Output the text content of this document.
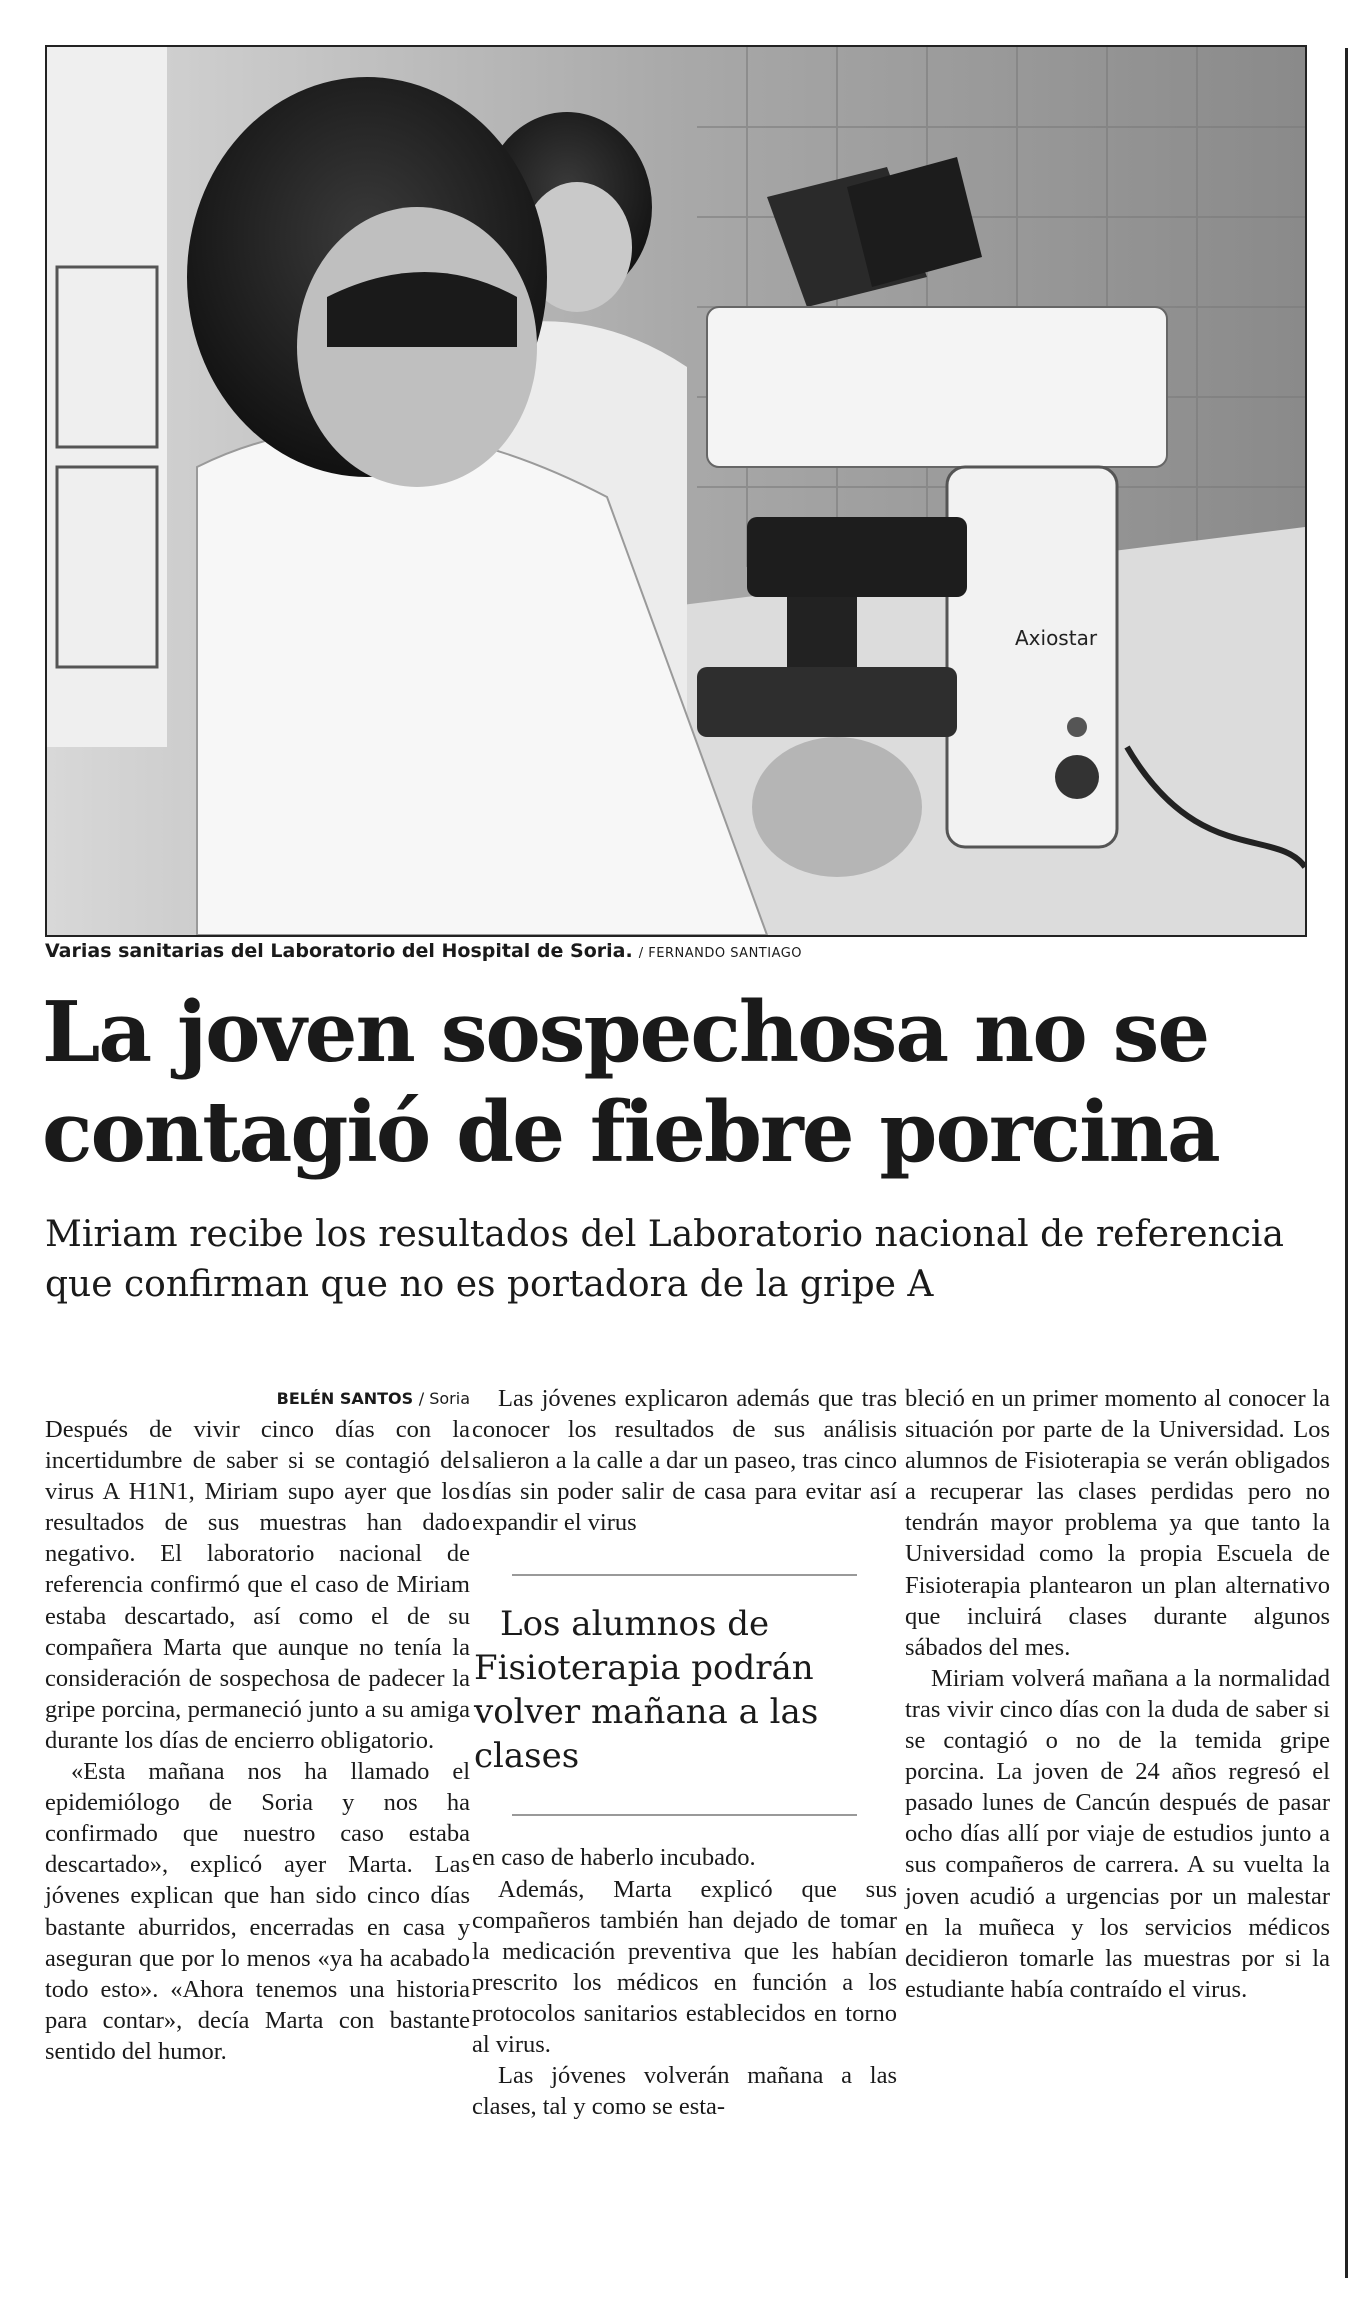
Axiostar
Varias sanitarias del Laboratorio del Hospital de Soria. / FERNANDO SANTIAGO
La joven sospechosa no se contagió de fiebre porcina

Miriam recibe los resultados del Laboratorio nacional de referencia que confirman que no es portadora de la gripe A

BELÉN SANTOS / Soria

Después de vivir cinco días con la incertidumbre de saber si se contagió del virus A H1N1, Miriam supo ayer que los resultados de sus muestras han dado negativo. El laboratorio nacional de referencia confirmó que el caso de Miriam estaba descartado, así como el de su compañera Marta que aunque no tenía la consideración de sospechosa de padecer la gripe porcina, permaneció junto a su amiga durante los días de encierro obligatorio.

«Esta mañana nos ha llamado el epidemiólogo de Soria y nos ha confirmado que nuestro caso estaba descartado», explicó ayer Marta. Las jóvenes explican que han sido cinco días bastante aburridos, encerradas en casa y aseguran que por lo menos «ya ha acabado todo esto». «Ahora tenemos una historia para contar», decía Marta con bastante sentido del humor.

Las jóvenes explicaron además que tras conocer los resultados de sus análisis salieron a la calle a dar un paseo, tras cinco días sin poder salir de casa para evitar así expandir el virus

Los alumnos de Fisioterapia podrán volver mañana a las clases

en caso de haberlo incubado.

Además, Marta explicó que sus compañeros también han dejado de tomar la medicación preventiva que les habían prescrito los médicos en función a los protocolos sanitarios establecidos en torno al virus.

Las jóvenes volverán mañana a las clases, tal y como se esta-

bleció en un primer momento al conocer la situación por parte de la Universidad. Los alumnos de Fisioterapia se verán obligados a recuperar las clases perdidas pero no tendrán mayor problema ya que tanto la Universidad como la propia Escuela de Fisioterapia plantearon un plan alternativo que incluirá clases durante algunos sábados del mes.

Miriam volverá mañana a la normalidad tras vivir cinco días con la duda de saber si se contagió o no de la temida gripe porcina. La joven de 24 años regresó el pasado lunes de Cancún después de pasar ocho días allí por viaje de estudios junto a sus compañeros de carrera. A su vuelta la joven acudió a urgencias por un malestar en la muñeca y los servicios médicos decidieron tomarle las muestras por si la estudiante había contraído el virus.
